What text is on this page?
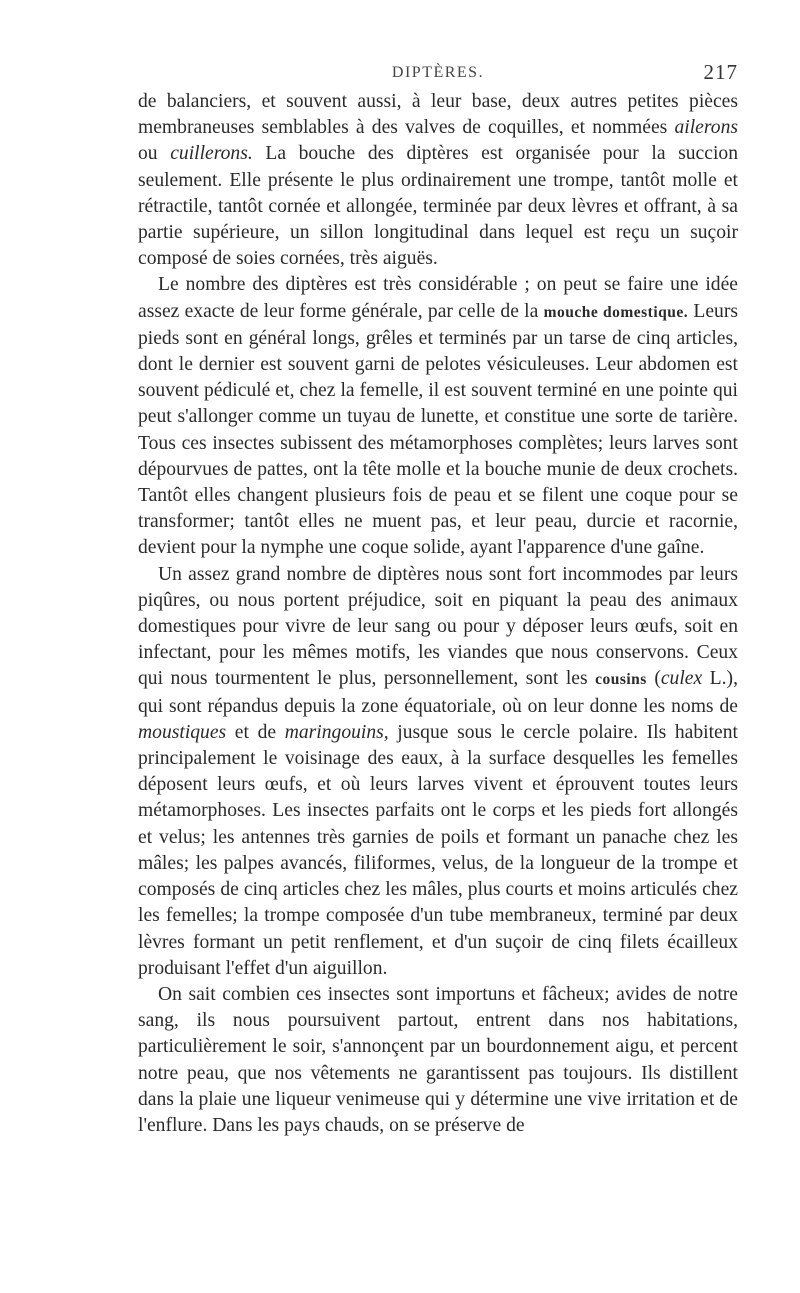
DIPTÈRES.	217

de balanciers, et souvent aussi, à leur base, deux autres petites pièces membraneuses semblables à des valves de coquilles, et nommées ailerons ou cuillerons. La bouche des diptères est organisée pour la succion seulement. Elle présente le plus ordinairement une trompe, tantôt molle et rétractile, tantôt cornée et allongée, terminée par deux lèvres et offrant, à sa partie supérieure, un sillon longitudinal dans lequel est reçu un suçoir composé de soies cornées, très aiguës.

Le nombre des diptères est très considérable ; on peut se faire une idée assez exacte de leur forme générale, par celle de la mouche domestique. Leurs pieds sont en général longs, grêles et terminés par un tarse de cinq articles, dont le dernier est souvent garni de pelotes vésiculeuses. Leur abdomen est souvent pédiculé et, chez la femelle, il est souvent terminé en une pointe qui peut s'allonger comme un tuyau de lunette, et constitue une sorte de tarière. Tous ces insectes subissent des métamorphoses complètes; leurs larves sont dépourvues de pattes, ont la tête molle et la bouche munie de deux crochets. Tantôt elles changent plusieurs fois de peau et se filent une coque pour se transformer; tantôt elles ne muent pas, et leur peau, durcie et racornie, devient pour la nymphe une coque solide, ayant l'apparence d'une gaîne.

Un assez grand nombre de diptères nous sont fort incommodes par leurs piqûres, ou nous portent préjudice, soit en piquant la peau des animaux domestiques pour vivre de leur sang ou pour y déposer leurs œufs, soit en infectant, pour les mêmes motifs, les viandes que nous conservons. Ceux qui nous tourmentent le plus, personnellement, sont les cousins (culex L.), qui sont répandus depuis la zone équatoriale, où on leur donne les noms de moustiques et de maringouins, jusque sous le cercle polaire. Ils habitent principalement le voisinage des eaux, à la surface desquelles les femelles déposent leurs œufs, et où leurs larves vivent et éprouvent toutes leurs métamorphoses. Les insectes parfaits ont le corps et les pieds fort allongés et velus; les antennes très garnies de poils et formant un panache chez les mâles; les palpes avancés, filiformes, velus, de la longueur de la trompe et composés de cinq articles chez les mâles, plus courts et moins articulés chez les femelles; la trompe composée d'un tube membraneux, terminé par deux lèvres formant un petit renflement, et d'un suçoir de cinq filets écailleux produisant l'effet d'un aiguillon.

On sait combien ces insectes sont importuns et fâcheux; avides de notre sang, ils nous poursuivent partout, entrent dans nos habitations, particulièrement le soir, s'annonçent par un bourdonnement aigu, et percent notre peau, que nos vêtements ne garantissent pas toujours. Ils distillent dans la plaie une liqueur venimeuse qui y détermine une vive irritation et de l'enflure. Dans les pays chauds, on se préserve de
